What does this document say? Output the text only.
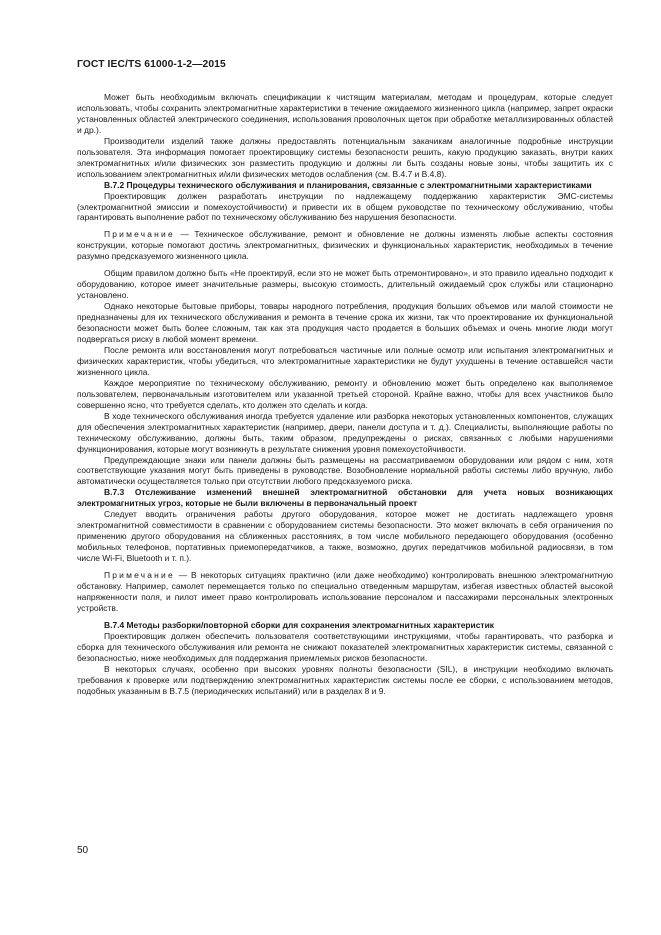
ГОСТ IEC/TS 61000-1-2—2015

Может быть необходимым включать спецификации к чистящим материалам, методам и процедурам, которые следует использовать, чтобы сохранить электромагнитные характеристики в течение ожидаемого жизненного цикла (например, запрет окраски установленных областей электрического соединения, использования проволочных щеток при обработке металлизированных областей и др.).

Производители изделий также должны предоставлять потенциальным закачикам аналогичные подробные инструкции пользователя. Эта информация помогает проектировщику системы безопасности решить, какую продукцию заказать, внутри каких электромагнитных и/или физических зон разместить продукцию и должны ли быть созданы новые зоны, чтобы защитить их с использованием электромагнитных и/или физических методов ослабления (см. В.4.7 и В.4.8).

В.7.2 Процедуры технического обслуживания и планирования, связанные с электромагнитными характеристиками

Проектировщик должен разработать инструкции по надлежащему поддержанию характеристик ЭМС-системы (электромагнитной эмиссии и помехоустойчивости) и привести их в общем руководстве по техническому обслуживанию, чтобы гарантировать выполнение работ по техническому обслуживанию без нарушения безопасности.

Примечание — Техническое обслуживание, ремонт и обновление не должны изменять любые аспекты состояния конструкции, которые помогают достичь электромагнитных, физических и функциональных характеристик, необходимых в течение разумно предсказуемого жизненного цикла.

Общим правилом должно быть «Не проектируй, если это не может быть отремонтировано», и это правило идеально подходит к оборудованию, которое имеет значительные размеры, высокую стоимость, длительный ожидаемый срок службы или стационарно установлено.

Однако некоторые бытовые приборы, товары народного потребления, продукция больших объемов или малой стоимости не предназначены для их технического обслуживания и ремонта в течение срока их жизни, так что проектирование их функциональной безопасности может быть более сложным, так как эта продукция часто продается в больших объемах и очень многие люди могут подвергаться риску в любой момент времени.

После ремонта или восстановления могут потребоваться частичные или полные осмотр или испытания электромагнитных и физических характеристик, чтобы убедиться, что электромагнитные характеристики не будут ухудшены в течение оставшейся части жизненного цикла.

Каждое мероприятие по техническому обслуживанию, ремонту и обновлению может быть определено как выполняемое пользователем, первоначальным изготовителем или указанной третьей стороной. Крайне важно, чтобы для всех участников было совершенно ясно, что требуется сделать, кто должен это сделать и когда.

В ходе технического обслуживания иногда требуется удаление или разборка некоторых установленных компонентов, служащих для обеспечения электромагнитных характеристик (например, двери, панели доступа и т. д.). Специалисты, выполняющие работы по техническому обслуживанию, должны быть, таким образом, предупреждены о рисках, связанных с любыми нарушениями функционирования, которые могут возникнуть в результате снижения уровня помехоустойчивости.

Предупреждающие знаки или панели должны быть размещены на рассматриваемом оборудовании или рядом с ним, хотя соответствующие указания могут быть приведены в руководстве. Возобновление нормальной работы системы либо вручную, либо автоматически осуществляется только при отсутствии любого предсказуемого риска.

В.7.3 Отслеживание изменений внешней электромагнитной обстановки для учета новых возникающих электромагнитных угроз, которые не были включены в первоначальный проект

Следует вводить ограничения работы другого оборудования, которое может не достигать надлежащего уровня электромагнитной совместимости в сравнении с оборудованием системы безопасности. Это может включать в себя ограничения по применению другого оборудования на сближенных расстояниях, в том числе мобильного передающего оборудования (особенно мобильных телефонов, портативных приемопередатчиков, а также, возможно, других передатчиков мобильной радиосвязи, в том числе Wi-Fi, Bluetooth и т. п.).

Примечание — В некоторых ситуациях практично (или даже необходимо) контролировать внешнюю электромагнитную обстановку. Например, самолет перемещается только по специально отведенным маршрутам, избегая известных областей высокой напряженности поля, и пилот имеет право контролировать использование персоналом и пассажирами персональных электронных устройств.

В.7.4 Методы разборки/повторной сборки для сохранения электромагнитных характеристик

Проектировщик должен обеспечить пользователя соответствующими инструкциями, чтобы гарантировать, что разборка и сборка для технического обслуживания или ремонта не снижают показателей электромагнитных характеристик системы, связанной с безопасностью, ниже необходимых для поддержания приемлемых рисков безопасности.

В некоторых случаях, особенно при высоких уровнях полноты безопасности (SIL), в инструкции необходимо включать требования к проверке или подтверждению электромагнитных характеристик системы после ее сборки, с использованием методов, подобных указанным в В.7.5 (периодических испытаний) или в разделах 8 и 9.

50
